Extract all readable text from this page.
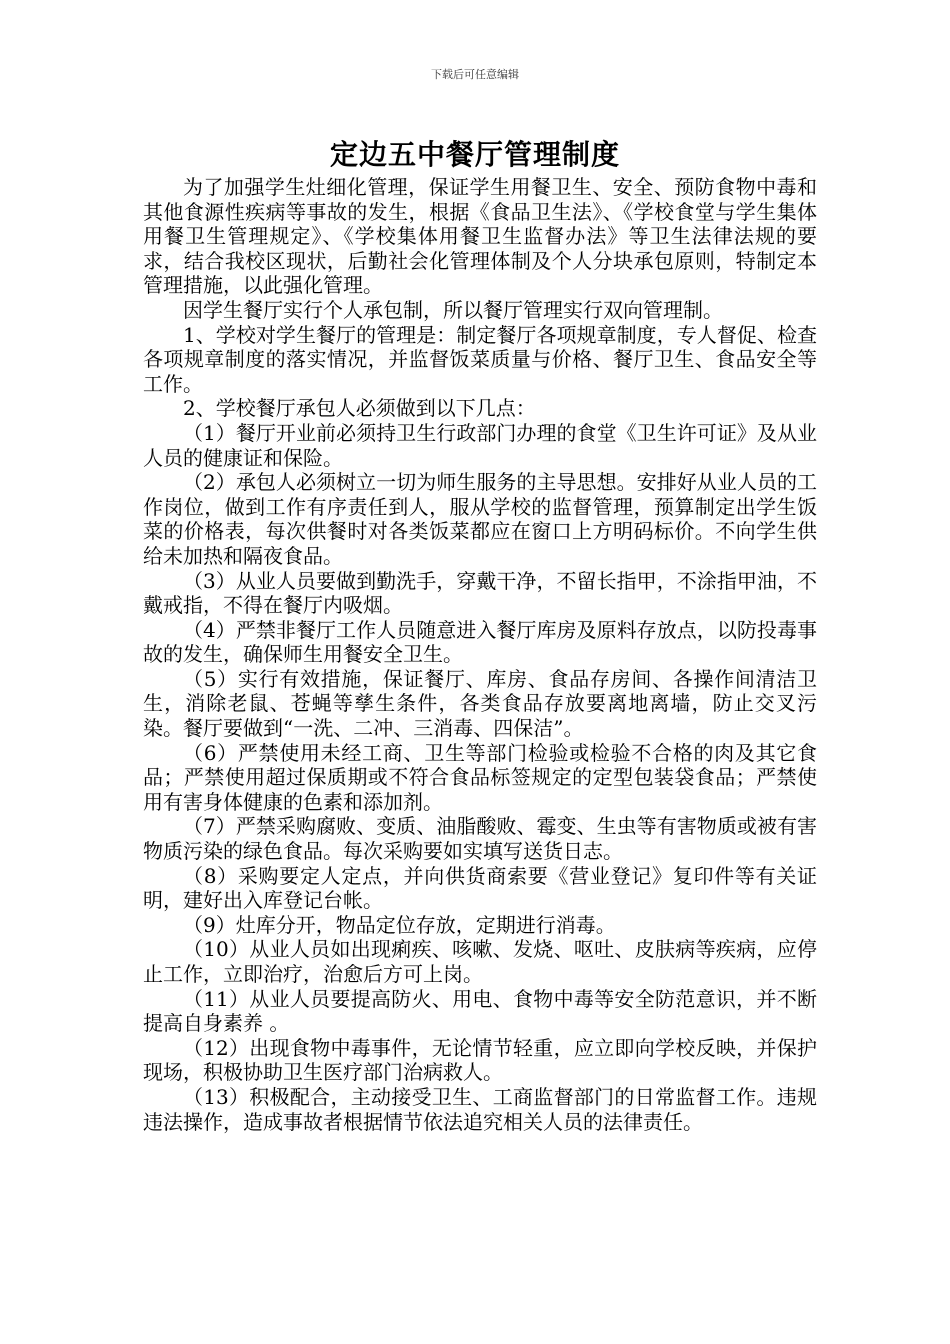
下载后可任意编辑
定边五中餐厅管理制度

为了加强学生灶细化管理，保证学生用餐卫生、安全、预防食物中毒和其他食源性疾病等事故的发生，根据《食品卫生法》、《学校食堂与学生集体用餐卫生管理规定》、《学校集体用餐卫生监督办法》等卫生法律法规的要求，结合我校区现状，后勤社会化管理体制及个人分块承包原则，特制定本管理措施，以此强化管理。

因学生餐厅实行个人承包制，所以餐厅管理实行双向管理制。

1、学校对学生餐厅的管理是：制定餐厅各项规章制度，专人督促、检查各项规章制度的落实情况，并监督饭菜质量与价格、餐厅卫生、食品安全等工作。

2、学校餐厅承包人必须做到以下几点：

（1）餐厅开业前必须持卫生行政部门办理的食堂《卫生许可证》及从业人员的健康证和保险。

（2）承包人必须树立一切为师生服务的主导思想。安排好从业人员的工作岗位，做到工作有序责任到人，服从学校的监督管理，预算制定出学生饭菜的价格表，每次供餐时对各类饭菜都应在窗口上方明码标价。不向学生供给未加热和隔夜食品。

（3）从业人员要做到勤洗手，穿戴干净，不留长指甲，不涂指甲油，不戴戒指，不得在餐厅内吸烟。

（4）严禁非餐厅工作人员随意进入餐厅库房及原料存放点，以防投毒事故的发生，确保师生用餐安全卫生。

（5）实行有效措施，保证餐厅、库房、食品存房间、各操作间清洁卫生，消除老鼠、苍蝇等孳生条件，各类食品存放要离地离墙，防止交叉污染。餐厅要做到“一洗、二冲、三消毒、四保洁”。

（6）严禁使用未经工商、卫生等部门检验或检验不合格的肉及其它食品；严禁使用超过保质期或不符合食品标签规定的定型包装袋食品；严禁使用有害身体健康的色素和添加剂。

（7）严禁采购腐败、变质、油脂酸败、霉变、生虫等有害物质或被有害物质污染的绿色食品。每次采购要如实填写送货日志。

（8）采购要定人定点，并向供货商索要《营业登记》复印件等有关证明，建好出入库登记台帐。

（9）灶库分开，物品定位存放，定期进行消毒。

（10）从业人员如出现痢疾、咳嗽、发烧、呕吐、皮肤病等疾病，应停止工作，立即治疗，治愈后方可上岗。

（11）从业人员要提高防火、用电、食物中毒等安全防范意识，并不断提高自身素养 。

（12）出现食物中毒事件，无论情节轻重，应立即向学校反映，并保护现场，积极协助卫生医疗部门治病救人。

（13）积极配合，主动接受卫生、工商监督部门的日常监督工作。违规违法操作，造成事故者根据情节依法追究相关人员的法律责任。
